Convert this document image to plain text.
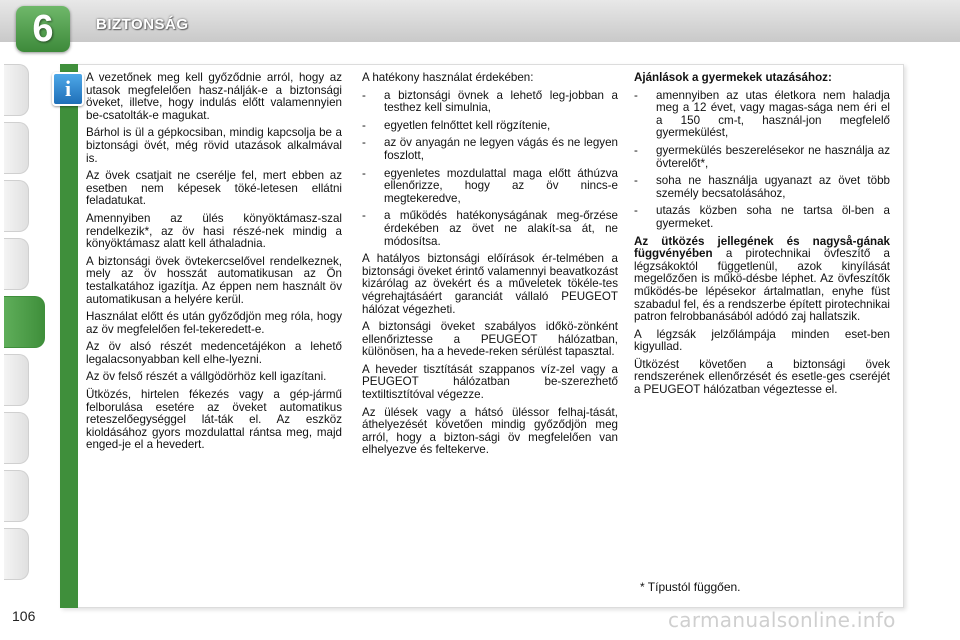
6	BIZTONSÁG
i	A vezetőnek meg kell győződnie arról, hogy az utasok megfelelően hasz-nálják-e a biztonsági öveket, illetve, hogy indulás előtt valamennyien be-csatolták-e magukat.

Bárhol is ül a gépkocsiban, mindig kapcsolja be a biztonsági övét, még rövid utazások alkalmával is.

Az övek csatjait ne cserélje fel, mert ebben az esetben nem képesek töké-letesen ellátni feladatukat.

Amennyiben az ülés könyöktámasz-szal rendelkezik*, az öv hasi részé-nek mindig a könyöktámasz alatt kell áthaladnia.

A biztonsági övek övtekercselővel rendelkeznek, mely az öv hosszát automatikusan az Ön testalkatához igazítja. Az éppen nem használt öv automatikusan a helyére kerül.

Használat előtt és után győződjön meg róla, hogy az öv megfelelően fel-tekeredett-e.

Az öv alsó részét medencetájékon a lehető legalacsonyabban kell elhe-lyezni.

Az öv felső részét a vállgödörhöz kell igazítani.

Ütközés, hirtelen fékezés vagy a gép-jármű felborulása esetére az öveket automatikus reteszelőegységgel lát-ták el. Az eszköz kioldásához gyors mozdulattal rántsa meg, majd enged-je el a hevedert.

A hatékony használat érdekében:

- a biztonsági övnek a lehető leg-jobban a testhez kell simulnia,
- egyetlen felnőttet kell rögzítenie,
- az öv anyagán ne legyen vágás és ne legyen foszlott,
- egyenletes mozdulattal maga előtt áthúzva ellenőrizze, hogy az öv nincs-e megtekeredve,
- a működés hatékonyságának meg-őrzése érdekében az övet ne alakít-sa át, ne módosítsa.

A hatályos biztonsági előírások ér-telmében a biztonsági öveket érintő valamennyi beavatkozást kizárólag az övekért és a műveletek tökéle-tes végrehajtásáért garanciát vállaló PEUGEOT hálózat végezheti.

A biztonsági öveket szabályos időkö-zönként ellenőriztesse a PEUGEOT hálózatban, különösen, ha a hevede-reken sérülést tapasztal.

A heveder tisztítását szappanos víz-zel vagy a PEUGEOT hálózatban be-szerezhető textiltisztítóval végezze.

Az ülések vagy a hátsó üléssor felhaj-tását, áthelyezését követően mindig győződjön meg arról, hogy a bizton-sági öv megfelelően van elhelyezve és feltekerve.

Ajánlások a gyermekek utazásához:

- amennyiben az utas életkora nem haladja meg a 12 évet, vagy magas-sága nem éri el a 150 cm-t, használ-jon megfelelő gyermekülést,
- gyermekülés beszerelésekor ne használja az övterelőt*,
- soha ne használja ugyanazt az övet több személy becsatolásához,
- utazás közben soha ne tartsa öl-ben a gyermeket.

Az ütközés jellegének és nagyså-gának függvényében a pirotechnikai övfeszítő a légzsákoktól függetlenül, azok kinyílását megelőzően is műkö-désbe léphet. Az övfeszítők működés-be lépésekor ártalmatlan, enyhe füst szabadul fel, és a rendszerbe épített pirotechnikai patron felrobbanásából adódó zaj hallatszik.

A légzsák jelzőlámpája minden eset-ben kigyullad.

Ütközést követően a biztonsági övek rendszerének ellenőrzését és esetle-ges cseréjét a PEUGEOT hálózatban végeztesse el.

* Típustól függően.
106	carmanualsonline.info
